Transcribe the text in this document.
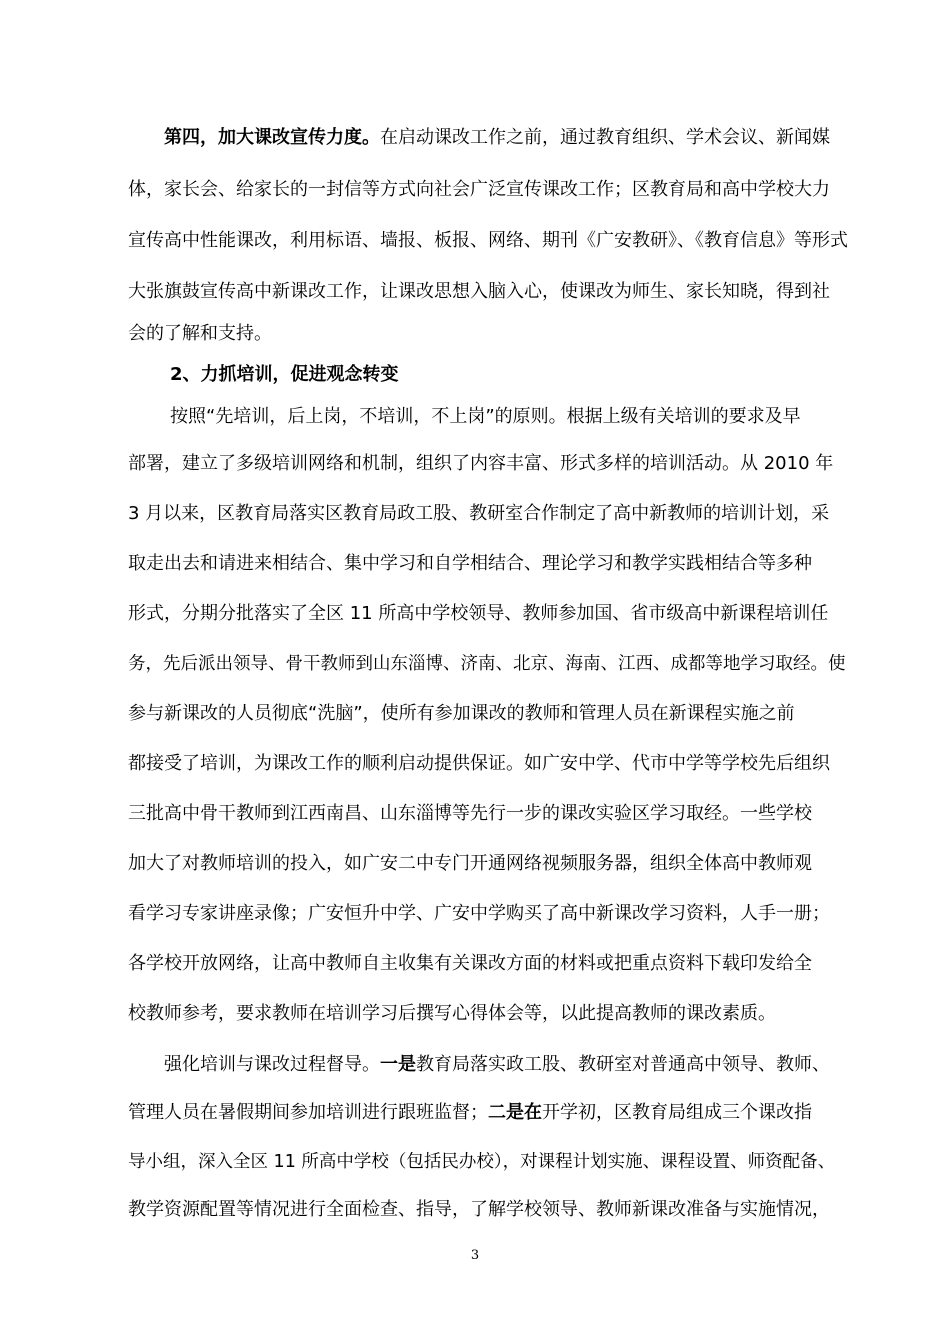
第四，加大课改宣传力度。在启动课改工作之前，通过教育组织、学术会议、新闻媒
体，家长会、给家长的一封信等方式向社会广泛宣传课改工作；区教育局和高中学校大力
宣传高中性能课改，利用标语、墙报、板报、网络、期刊《广安教研》、《教育信息》等形式
大张旗鼓宣传高中新课改工作，让课改思想入脑入心，使课改为师生、家长知晓，得到社
会的了解和支持。
2、力抓培训，促进观念转变
按照“先培训，后上岗，不培训，不上岗”的原则。根据上级有关培训的要求及早
部署，建立了多级培训网络和机制，组织了内容丰富、形式多样的培训活动。从 2010 年
3 月以来，区教育局落实区教育局政工股、教研室合作制定了高中新教师的培训计划，采
取走出去和请进来相结合、集中学习和自学相结合、理论学习和教学实践相结合等多种
形式，分期分批落实了全区 11 所高中学校领导、教师参加国、省市级高中新课程培训任
务，先后派出领导、骨干教师到山东淄博、济南、北京、海南、江西、成都等地学习取经。使
参与新课改的人员彻底“洗脑”，使所有参加课改的教师和管理人员在新课程实施之前
都接受了培训，为课改工作的顺利启动提供保证。如广安中学、代市中学等学校先后组织
三批高中骨干教师到江西南昌、山东淄博等先行一步的课改实验区学习取经。一些学校
加大了对教师培训的投入，如广安二中专门开通网络视频服务器，组织全体高中教师观
看学习专家讲座录像；广安恒升中学、广安中学购买了高中新课改学习资料，人手一册；
各学校开放网络，让高中教师自主收集有关课改方面的材料或把重点资料下载印发给全
校教师参考，要求教师在培训学习后撰写心得体会等，以此提高教师的课改素质。
强化培训与课改过程督导。一是教育局落实政工股、教研室对普通高中领导、教师、
管理人员在暑假期间参加培训进行跟班监督；二是在开学初，区教育局组成三个课改指
导小组，深入全区 11 所高中学校（包括民办校），对课程计划实施、课程设置、师资配备、
教学资源配置等情况进行全面检查、指导，了解学校领导、教师新课改准备与实施情况，
3
